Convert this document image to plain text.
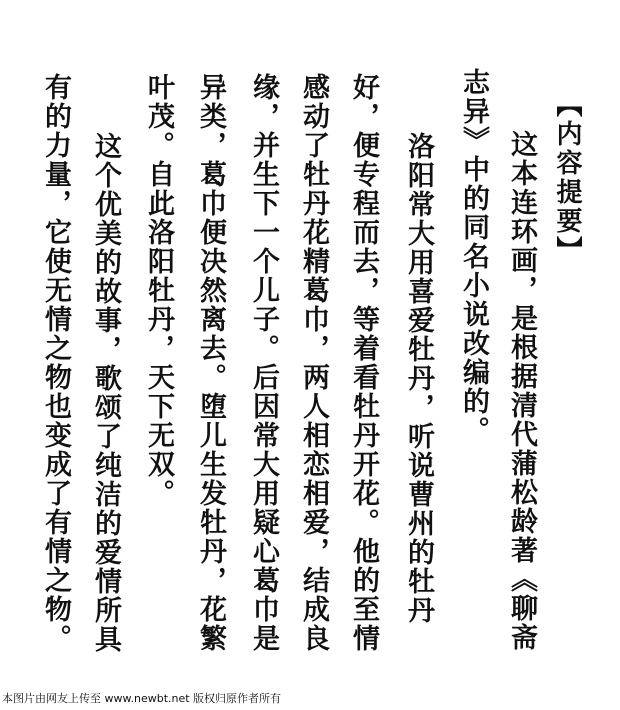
【内容提要】
这本连环画，是根据清代蒲松龄著《聊斋
志异》中的同名小说改编的。
洛阳常大用喜爱牡丹，听说曹州的牡丹
好，便专程而去，等着看牡丹开花。他的至情
感动了牡丹花精葛巾，两人相恋相爱，结成良
缘，并生下一个儿子。后因常大用疑心葛巾是
异类，葛巾便决然离去。堕儿生发牡丹，花繁
叶茂。自此洛阳牡丹，天下无双。
这个优美的故事，歌颂了纯洁的爱情所具
有的力量，它使无情之物也变成了有情之物。
本图片由网友上传至 www.newbt.net 版权归原作者所有
